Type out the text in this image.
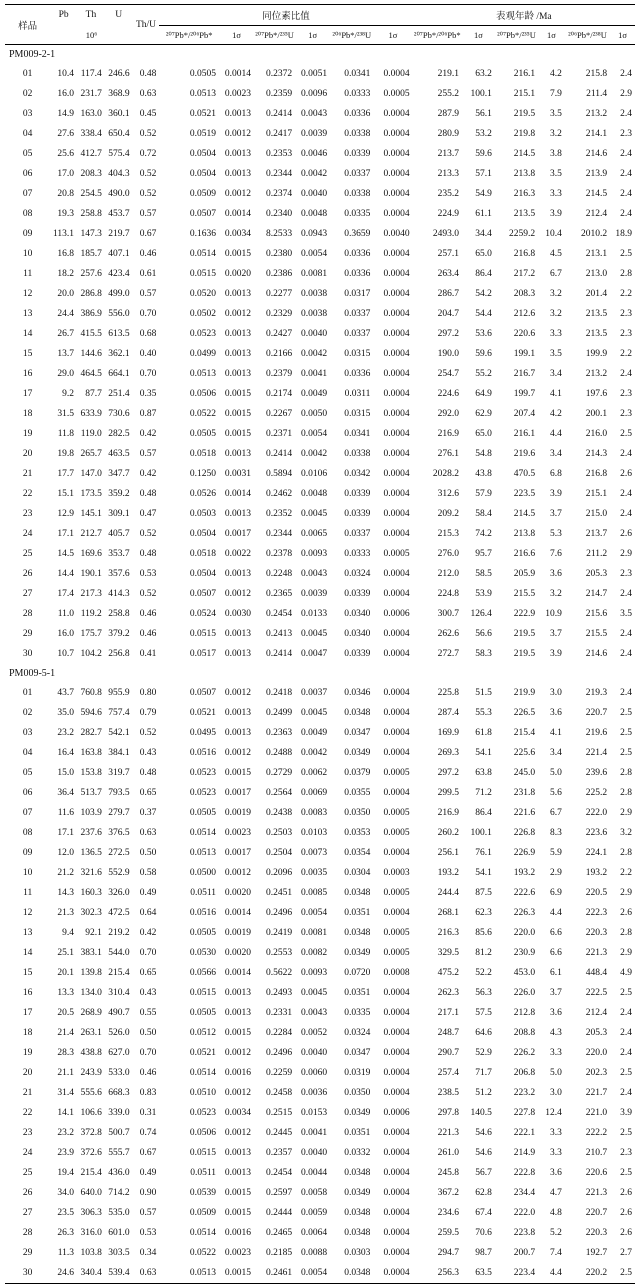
样品	Pb	Th	U	Th/U	同位素比值						表观年龄 /Ma					
	10⁶				²⁰⁷Pb*/²⁰⁶Pb*	1σ	²⁰⁷Pb*/²³⁵U	1σ	²⁰⁶Pb*/²³⁸U	1σ	²⁰⁷Pb*/²⁰⁶Pb*	1σ	²⁰⁷Pb*/²³⁵U	1σ	²⁰⁶Pb*/²³⁸U	1σ
PM009-2-1																
01	10.4	117.4	246.6	0.48	0.0505	0.0014	0.2372	0.0051	0.0341	0.0004	219.1	63.2	216.1	4.2	215.8	2.4
02	16.0	231.7	368.9	0.63	0.0513	0.0023	0.2359	0.0096	0.0333	0.0005	255.2	100.1	215.1	7.9	211.4	2.9
03	14.9	163.0	360.1	0.45	0.0521	0.0013	0.2414	0.0043	0.0336	0.0004	287.9	56.1	219.5	3.5	213.2	2.4
04	27.6	338.4	650.4	0.52	0.0519	0.0012	0.2417	0.0039	0.0338	0.0004	280.9	53.2	219.8	3.2	214.1	2.3
05	25.6	412.7	575.4	0.72	0.0504	0.0013	0.2353	0.0046	0.0339	0.0004	213.7	59.6	214.5	3.8	214.6	2.4
06	17.0	208.3	404.3	0.52	0.0504	0.0013	0.2344	0.0042	0.0337	0.0004	213.3	57.1	213.8	3.5	213.9	2.4
07	20.8	254.5	490.0	0.52	0.0509	0.0012	0.2374	0.0040	0.0338	0.0004	235.2	54.9	216.3	3.3	214.5	2.4
08	19.3	258.8	453.7	0.57	0.0507	0.0014	0.2340	0.0048	0.0335	0.0004	224.9	61.1	213.5	3.9	212.4	2.4
09	113.1	147.3	219.7	0.67	0.1636	0.0034	8.2533	0.0943	0.3659	0.0040	2493.0	34.4	2259.2	10.4	2010.2	18.9
10	16.8	185.7	407.1	0.46	0.0514	0.0015	0.2380	0.0054	0.0336	0.0004	257.1	65.0	216.8	4.5	213.1	2.5
11	18.2	257.6	423.4	0.61	0.0515	0.0020	0.2386	0.0081	0.0336	0.0004	263.4	86.4	217.2	6.7	213.0	2.8
12	20.0	286.8	499.0	0.57	0.0520	0.0013	0.2277	0.0038	0.0317	0.0004	286.7	54.2	208.3	3.2	201.4	2.2
13	24.4	386.9	556.0	0.70	0.0502	0.0012	0.2329	0.0038	0.0337	0.0004	204.7	54.4	212.6	3.2	213.5	2.3
14	26.7	415.5	613.5	0.68	0.0523	0.0013	0.2427	0.0040	0.0337	0.0004	297.2	53.6	220.6	3.3	213.5	2.3
15	13.7	144.6	362.1	0.40	0.0499	0.0013	0.2166	0.0042	0.0315	0.0004	190.0	59.6	199.1	3.5	199.9	2.2
16	29.0	464.5	664.1	0.70	0.0513	0.0013	0.2379	0.0041	0.0336	0.0004	254.7	55.2	216.7	3.4	213.2	2.4
17	9.2	87.7	251.4	0.35	0.0506	0.0015	0.2174	0.0049	0.0311	0.0004	224.6	64.9	199.7	4.1	197.6	2.3
18	31.5	633.9	730.6	0.87	0.0522	0.0015	0.2267	0.0050	0.0315	0.0004	292.0	62.9	207.4	4.2	200.1	2.3
19	11.8	119.0	282.5	0.42	0.0505	0.0015	0.2371	0.0054	0.0341	0.0004	216.9	65.0	216.1	4.4	216.0	2.5
20	19.8	265.7	463.5	0.57	0.0518	0.0013	0.2414	0.0042	0.0338	0.0004	276.1	54.8	219.6	3.4	214.3	2.4
21	17.7	147.0	347.7	0.42	0.1250	0.0031	0.5894	0.0106	0.0342	0.0004	2028.2	43.8	470.5	6.8	216.8	2.6
22	15.1	173.5	359.2	0.48	0.0526	0.0014	0.2462	0.0048	0.0339	0.0004	312.6	57.9	223.5	3.9	215.1	2.4
23	12.9	145.1	309.1	0.47	0.0503	0.0013	0.2352	0.0045	0.0339	0.0004	209.2	58.4	214.5	3.7	215.0	2.4
24	17.1	212.7	405.7	0.52	0.0504	0.0017	0.2344	0.0065	0.0337	0.0004	215.3	74.2	213.8	5.3	213.7	2.6
25	14.5	169.6	353.7	0.48	0.0518	0.0022	0.2378	0.0093	0.0333	0.0005	276.0	95.7	216.6	7.6	211.2	2.9
26	14.4	190.1	357.6	0.53	0.0504	0.0013	0.2248	0.0043	0.0324	0.0004	212.0	58.5	205.9	3.6	205.3	2.3
27	17.4	217.3	414.3	0.52	0.0507	0.0012	0.2365	0.0039	0.0339	0.0004	224.8	53.9	215.5	3.2	214.7	2.4
28	11.0	119.2	258.8	0.46	0.0524	0.0030	0.2454	0.0133	0.0340	0.0006	300.7	126.4	222.9	10.9	215.6	3.5
29	16.0	175.7	379.2	0.46	0.0515	0.0013	0.2413	0.0045	0.0340	0.0004	262.6	56.6	219.5	3.7	215.5	2.4
30	10.7	104.2	256.8	0.41	0.0517	0.0013	0.2414	0.0047	0.0339	0.0004	272.7	58.3	219.5	3.9	214.6	2.4
PM009-5-1																
01	43.7	760.8	955.9	0.80	0.0507	0.0012	0.2418	0.0037	0.0346	0.0004	225.8	51.5	219.9	3.0	219.3	2.4
02	35.0	594.6	757.4	0.79	0.0521	0.0013	0.2499	0.0045	0.0348	0.0004	287.4	55.3	226.5	3.6	220.7	2.5
03	23.2	282.7	542.1	0.52	0.0495	0.0013	0.2363	0.0049	0.0347	0.0004	169.9	61.8	215.4	4.1	219.6	2.5
04	16.4	163.8	384.1	0.43	0.0516	0.0012	0.2488	0.0042	0.0349	0.0004	269.3	54.1	225.6	3.4	221.4	2.5
05	15.0	153.8	319.7	0.48	0.0523	0.0015	0.2729	0.0062	0.0379	0.0005	297.2	63.8	245.0	5.0	239.6	2.8
06	36.4	513.7	793.5	0.65	0.0523	0.0017	0.2564	0.0069	0.0355	0.0004	299.5	71.2	231.8	5.6	225.2	2.8
07	11.6	103.9	279.7	0.37	0.0505	0.0019	0.2438	0.0083	0.0350	0.0005	216.9	86.4	221.6	6.7	222.0	2.9
08	17.1	237.6	376.5	0.63	0.0514	0.0023	0.2503	0.0103	0.0353	0.0005	260.2	100.1	226.8	8.3	223.6	3.2
09	12.0	136.5	272.5	0.50	0.0513	0.0017	0.2504	0.0073	0.0354	0.0004	256.1	76.1	226.9	5.9	224.1	2.8
10	21.2	321.6	552.9	0.58	0.0500	0.0012	0.2096	0.0035	0.0304	0.0003	193.2	54.1	193.2	2.9	193.2	2.2
11	14.3	160.3	326.0	0.49	0.0511	0.0020	0.2451	0.0085	0.0348	0.0005	244.4	87.5	222.6	6.9	220.5	2.9
12	21.3	302.3	472.5	0.64	0.0516	0.0014	0.2496	0.0054	0.0351	0.0004	268.1	62.3	226.3	4.4	222.3	2.6
13	9.4	92.1	219.2	0.42	0.0505	0.0019	0.2419	0.0081	0.0348	0.0005	216.3	85.6	220.0	6.6	220.3	2.8
14	25.1	383.1	544.0	0.70	0.0530	0.0020	0.2553	0.0082	0.0349	0.0005	329.5	81.2	230.9	6.6	221.3	2.9
15	20.1	139.8	215.4	0.65	0.0566	0.0014	0.5622	0.0093	0.0720	0.0008	475.2	52.2	453.0	6.1	448.4	4.9
16	13.3	134.0	310.4	0.43	0.0515	0.0013	0.2493	0.0045	0.0351	0.0004	262.3	56.3	226.0	3.7	222.5	2.5
17	20.5	268.9	490.7	0.55	0.0505	0.0013	0.2331	0.0043	0.0335	0.0004	217.1	57.5	212.8	3.6	212.4	2.4
18	21.4	263.1	526.0	0.50	0.0512	0.0015	0.2284	0.0052	0.0324	0.0004	248.7	64.6	208.8	4.3	205.3	2.4
19	28.3	438.8	627.0	0.70	0.0521	0.0012	0.2496	0.0040	0.0347	0.0004	290.7	52.9	226.2	3.3	220.0	2.4
20	21.1	243.9	533.0	0.46	0.0514	0.0016	0.2259	0.0060	0.0319	0.0004	257.4	71.7	206.8	5.0	202.3	2.5
21	31.4	555.6	668.3	0.83	0.0510	0.0012	0.2458	0.0036	0.0350	0.0004	238.5	51.2	223.2	3.0	221.7	2.4
22	14.1	106.6	339.0	0.31	0.0523	0.0034	0.2515	0.0153	0.0349	0.0006	297.8	140.5	227.8	12.4	221.0	3.9
23	23.2	372.8	500.7	0.74	0.0506	0.0012	0.2445	0.0041	0.0351	0.0004	221.3	54.6	222.1	3.3	222.2	2.5
24	23.9	372.6	555.7	0.67	0.0515	0.0013	0.2357	0.0040	0.0332	0.0004	261.0	54.6	214.9	3.3	210.7	2.3
25	19.4	215.4	436.0	0.49	0.0511	0.0013	0.2454	0.0044	0.0348	0.0004	245.8	56.7	222.8	3.6	220.6	2.5
26	34.0	640.0	714.2	0.90	0.0539	0.0015	0.2597	0.0058	0.0349	0.0004	367.2	62.8	234.4	4.7	221.3	2.6
27	23.5	306.3	535.0	0.57	0.0509	0.0015	0.2444	0.0059	0.0348	0.0004	234.6	67.4	222.0	4.8	220.7	2.6
28	26.3	316.0	601.0	0.53	0.0514	0.0016	0.2465	0.0064	0.0348	0.0004	259.5	70.6	223.8	5.2	220.3	2.6
29	11.3	103.8	303.5	0.34	0.0522	0.0023	0.2185	0.0088	0.0303	0.0004	294.7	98.7	200.7	7.4	192.7	2.7
30	24.6	340.4	539.4	0.63	0.0513	0.0015	0.2461	0.0054	0.0348	0.0004	256.3	63.5	223.4	4.4	220.2	2.5
